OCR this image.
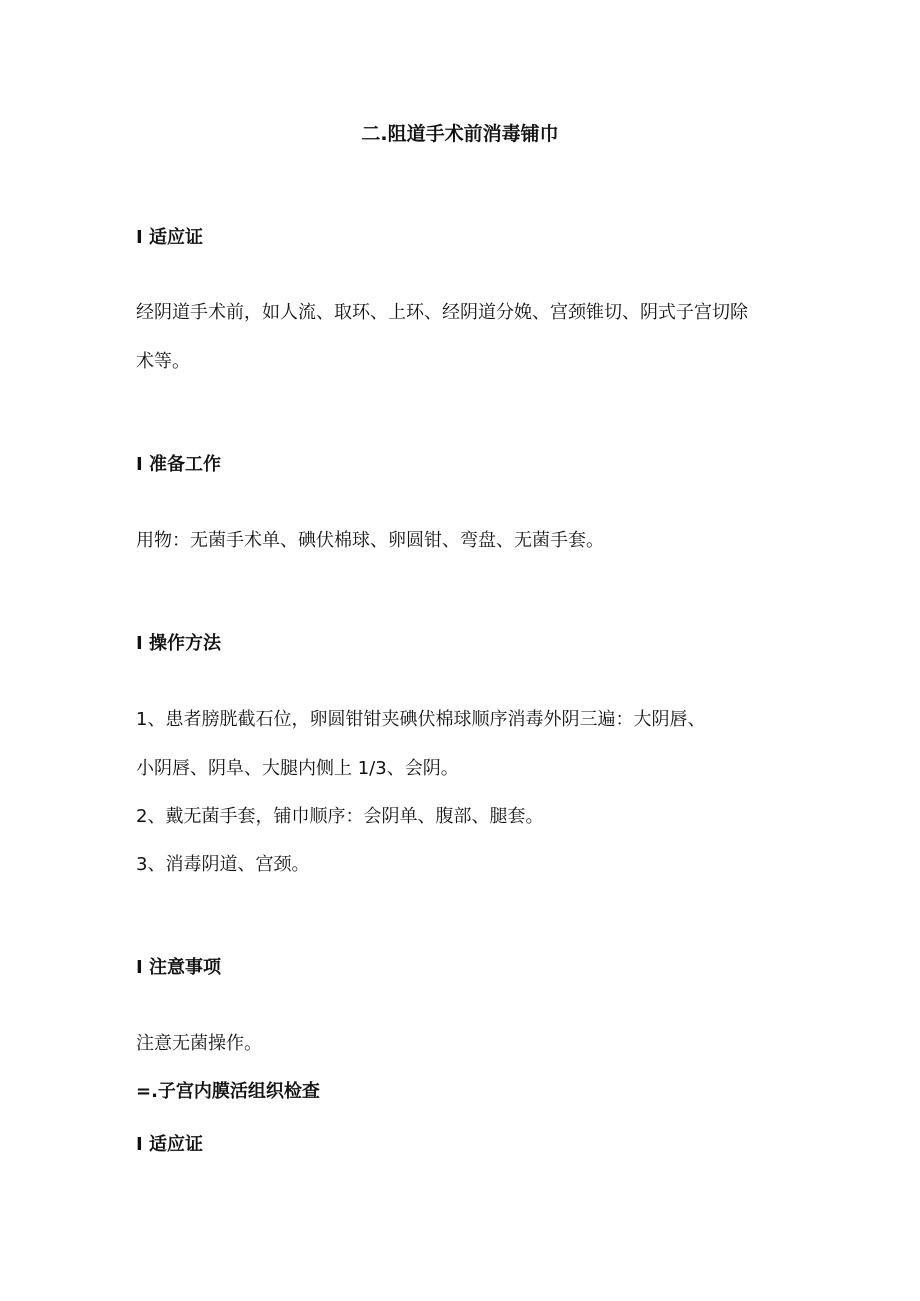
二.阻道手术前消毒铺巾
I 适应证
经阴道手术前，如人流、取环、上环、经阴道分娩、宫颈锥切、阴式子宫切除
术等。
I 准备工作
用物：无菌手术单、碘伏棉球、卵圆钳、弯盘、无菌手套。
I 操作方法
1、患者膀胱截石位，卵圆钳钳夹碘伏棉球顺序消毒外阴三遍：大阴唇、
小阴唇、阴阜、大腿内侧上 1/3、会阴。
2、戴无菌手套，铺巾顺序：会阴单、腹部、腿套。
3、消毒阴道、宫颈。
I 注意事项
注意无菌操作。
=.子宫内膜活组织检查
I 适应证
